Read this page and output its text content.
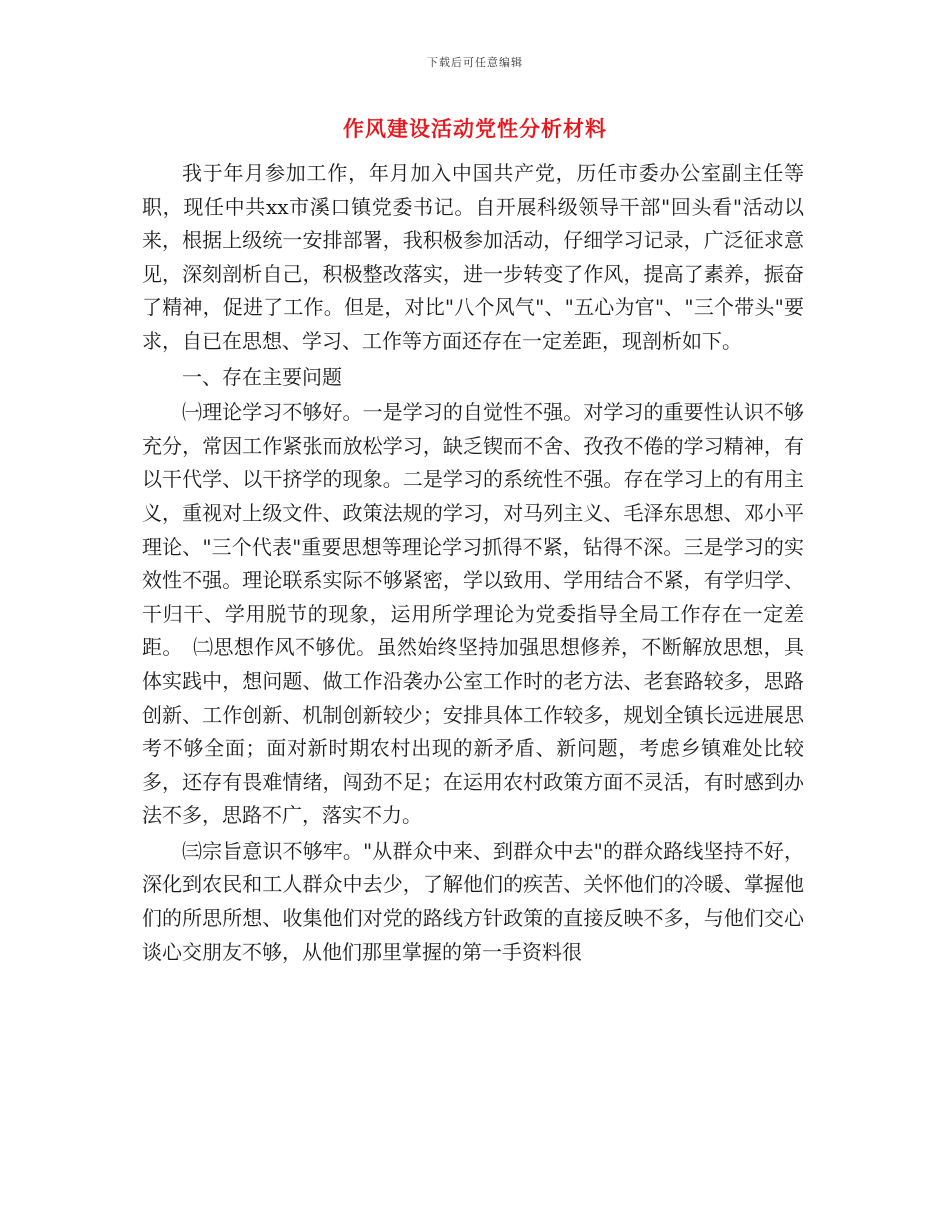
下载后可任意编辑
作风建设活动党性分析材料

我于年月参加工作，年月加入中国共产党，历任市委办公室副主任等职，现任中共xx市溪口镇党委书记。自开展科级领导干部"回头看"活动以来，根据上级统一安排部署，我积极参加活动，仔细学习记录，广泛征求意见，深刻剖析自己，积极整改落实，进一步转变了作风，提高了素养，振奋了精神，促进了工作。但是，对比"八个风气"、"五心为官"、"三个带头"要求，自已在思想、学习、工作等方面还存在一定差距，现剖析如下。

一、存在主要问题

㈠理论学习不够好。一是学习的自觉性不强。对学习的重要性认识不够充分，常因工作紧张而放松学习，缺乏锲而不舍、孜孜不倦的学习精神，有以干代学、以干挤学的现象。二是学习的系统性不强。存在学习上的有用主义，重视对上级文件、政策法规的学习，对马列主义、毛泽东思想、邓小平理论、"三个代表"重要思想等理论学习抓得不紧，钻得不深。三是学习的实效性不强。理论联系实际不够紧密，学以致用、学用结合不紧，有学归学、干归干、学用脱节的现象，运用所学理论为党委指导全局工作存在一定差距。　㈡思想作风不够优。虽然始终坚持加强思想修养，不断解放思想，具体实践中，想问题、做工作沿袭办公室工作时的老方法、老套路较多，思路创新、工作创新、机制创新较少；安排具体工作较多，规划全镇长远进展思考不够全面；面对新时期农村出现的新矛盾、新问题，考虑乡镇难处比较多，还存有畏难情绪，闯劲不足；在运用农村政策方面不灵活，有时感到办法不多，思路不广，落实不力。

㈢宗旨意识不够牢。"从群众中来、到群众中去"的群众路线坚持不好，深化到农民和工人群众中去少，了解他们的疾苦、关怀他们的冷暖、掌握他们的所思所想、收集他们对党的路线方针政策的直接反映不多，与他们交心谈心交朋友不够，从他们那里掌握的第一手资料很
